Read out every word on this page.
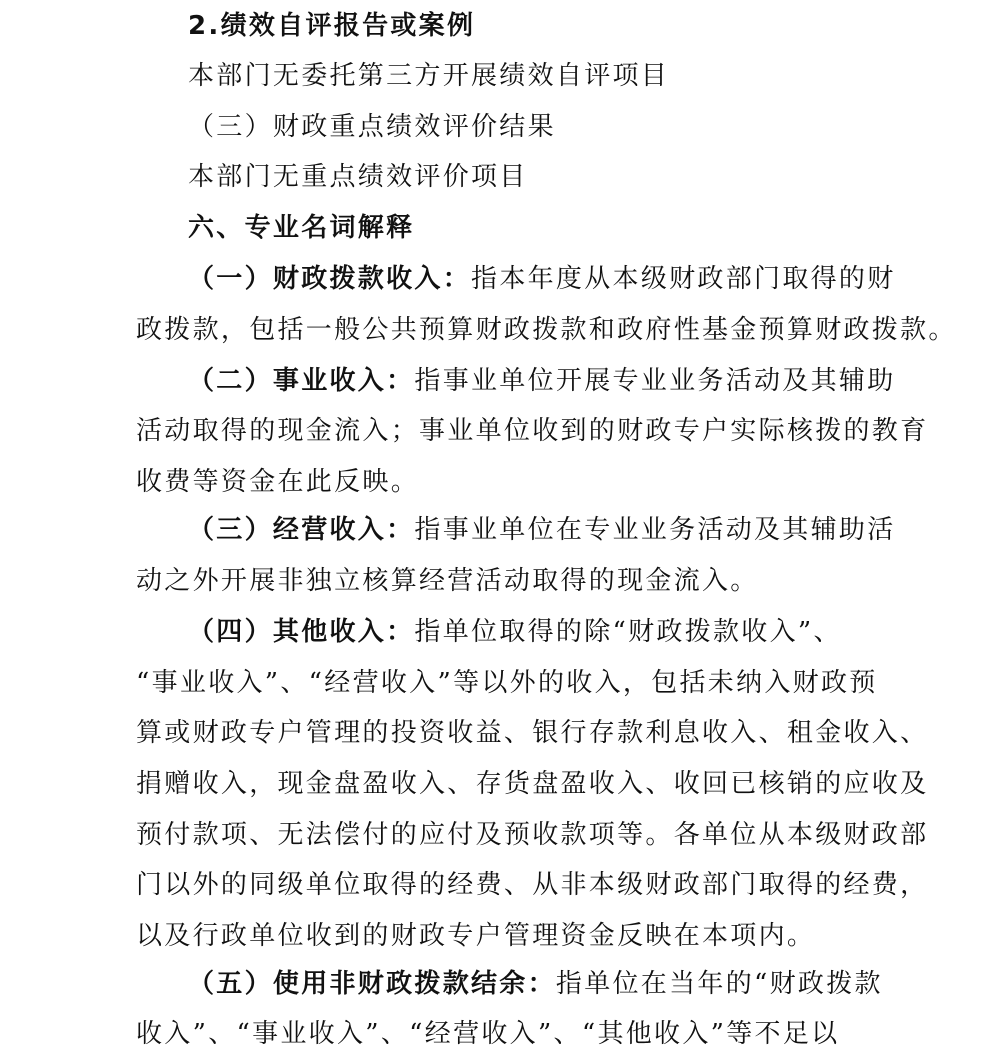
2.绩效自评报告或案例
本部门无委托第三方开展绩效自评项目
（三）财政重点绩效评价结果
本部门无重点绩效评价项目
六、专业名词解释
（一）财政拨款收入：指本年度从本级财政部门取得的财
政拨款，包括一般公共预算财政拨款和政府性基金预算财政拨款。
（二）事业收入：指事业单位开展专业业务活动及其辅助
活动取得的现金流入；事业单位收到的财政专户实际核拨的教育
收费等资金在此反映。
（三）经营收入：指事业单位在专业业务活动及其辅助活
动之外开展非独立核算经营活动取得的现金流入。
（四）其他收入：指单位取得的除“财政拨款收入”、
“事业收入”、“经营收入”等以外的收入，包括未纳入财政预
算或财政专户管理的投资收益、银行存款利息收入、租金收入、
捐赠收入，现金盘盈收入、存货盘盈收入、收回已核销的应收及
预付款项、无法偿付的应付及预收款项等。各单位从本级财政部
门以外的同级单位取得的经费、从非本级财政部门取得的经费，
以及行政单位收到的财政专户管理资金反映在本项内。
（五）使用非财政拨款结余：指单位在当年的“财政拨款
收入”、“事业收入”、“经营收入”、“其他收入”等不足以
